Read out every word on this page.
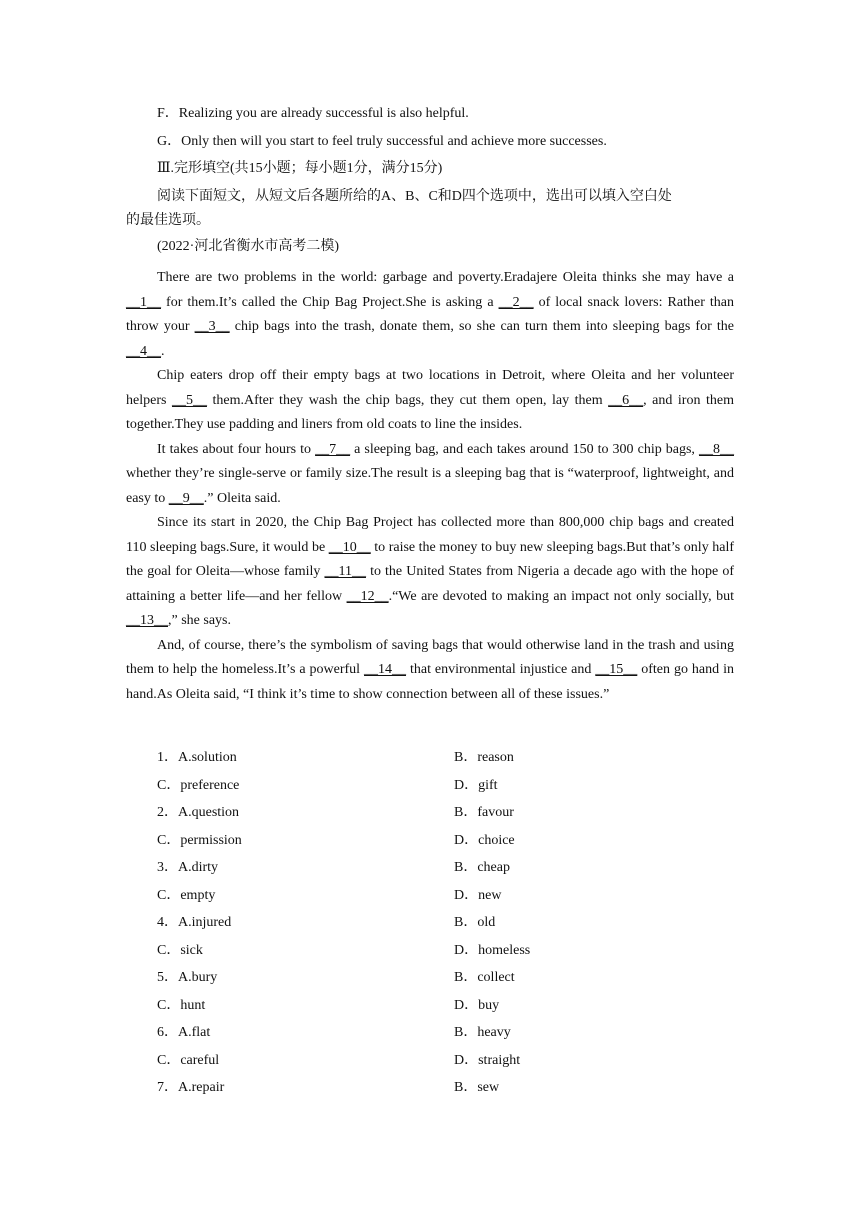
F．Realizing you are already successful is also helpful.
G．Only then will you start to feel truly successful and achieve more successes.
Ⅲ.完形填空(共15小题；每小题1分，满分15分)
阅读下面短文，从短文后各题所给的A、B、C和D四个选项中，选出可以填入空白处
的最佳选项。
(2022·河北省衡水市高考二模)
There are two problems in the world: garbage and poverty.Eradajere Oleita thinks she may have a __1__ for them.It’s called the Chip Bag Project.She is asking a __2__ of local snack lovers: Rather than throw your __3__ chip bags into the trash, donate them, so she can turn them into sleeping bags for the __4__.
Chip eaters drop off their empty bags at two locations in Detroit, where Oleita and her volunteer helpers __5__ them.After they wash the chip bags, they cut them open, lay them __6__, and iron them together.They use padding and liners from old coats to line the insides.
It takes about four hours to __7__ a sleeping bag, and each takes around 150 to 300 chip bags, __8__ whether they’re single-serve or family size.The result is a sleeping bag that is “waterproof, lightweight, and easy to __9__.” Oleita said.
Since its start in 2020, the Chip Bag Project has collected more than 800,000 chip bags and created 110 sleeping bags.Sure, it would be __10__ to raise the money to buy new sleeping bags.But that’s only half the goal for Oleita—whose family __11__ to the United States from Nigeria a decade ago with the hope of attaining a better life—and her fellow __12__.“We are devoted to making an impact not only socially, but __13__,” she says.
And, of course, there’s the symbolism of saving bags that would otherwise land in the trash and using them to help the homeless.It’s a powerful __14__ that environmental injustice and __15__ often go hand in hand.As Oleita said, “I think it’s time to show connection between all of these issues.”
1．A.solution	B．reason
C．preference	D．gift
2．A.question	B．favour
C．permission	D．choice
3．A.dirty	B．cheap
C．empty	D．new
4．A.injured	B．old
C．sick	D．homeless
5．A.bury	B．collect
C．hunt	D．buy
6．A.flat	B．heavy
C．careful	D．straight
7．A.repair	B．sew
